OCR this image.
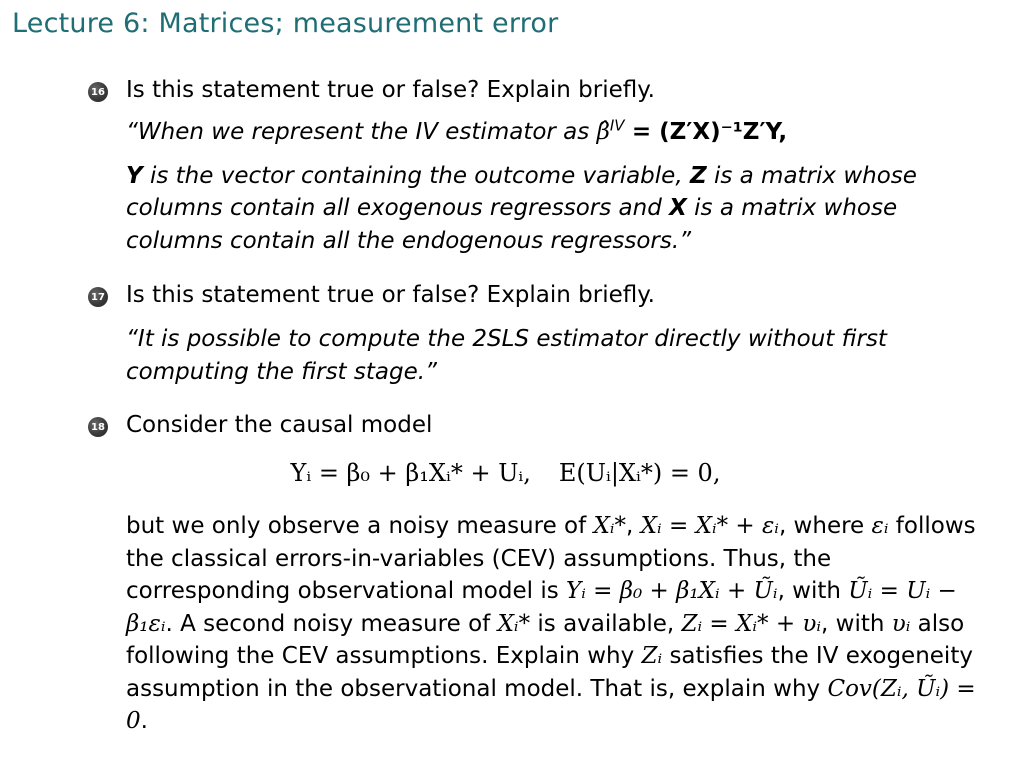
Lecture 6: Matrices; measurement error
16 Is this statement true or false? Explain briefly.
“When we represent the IV estimator as β̂$^{IV}$ = (Z′X)⁻¹Z′Y,
Y is the vector containing the outcome variable, Z is a matrix whose columns contain all exogenous regressors and X is a matrix whose columns contain all the endogenous regressors.”
17 Is this statement true or false? Explain briefly.
“It is possible to compute the 2SLS estimator directly without first computing the first stage.”
18 Consider the causal model
Yᵢ = β₀ + β₁Xᵢ* + Uᵢ, E(Uᵢ|Xᵢ*) = 0,
but we only observe a noisy measure of Xᵢ*, Xᵢ = Xᵢ* + εᵢ, where εᵢ follows the classical errors-in-variables (CEV) assumptions. Thus, the corresponding observational model is Yᵢ = β₀ + β₁Xᵢ + Ũᵢ, with Ũᵢ = Uᵢ − β₁εᵢ. A second noisy measure of Xᵢ* is available, Zᵢ = Xᵢ* + υᵢ, with υᵢ also following the CEV assumptions. Explain why Zᵢ satisfies the IV exogeneity assumption in the observational model. That is, explain why Cov(Zᵢ, Ũᵢ) = 0.
